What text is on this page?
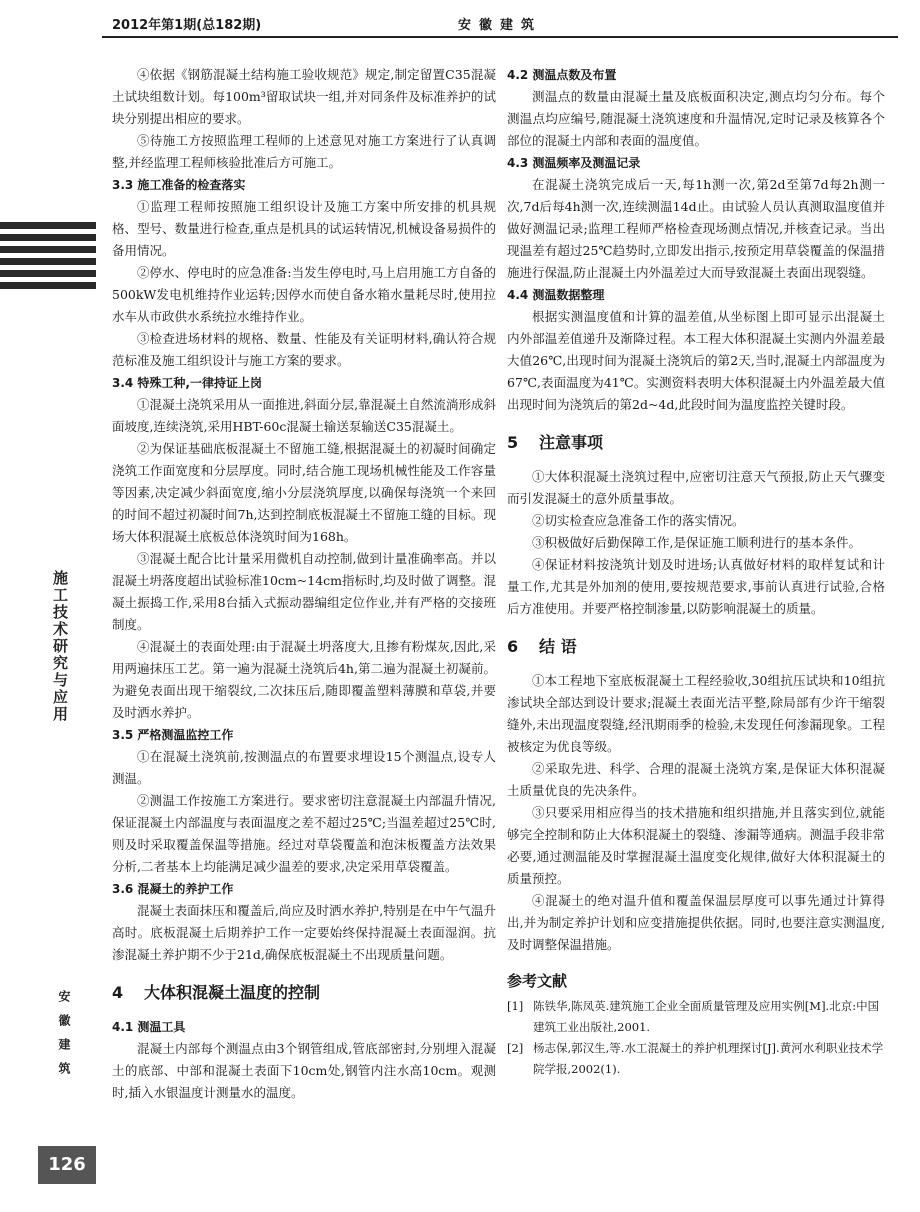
2012年第1期(总182期)	安徽建筑
施工技术研究与应用
安徽建筑
126

④依据《钢筋混凝土结构施工验收规范》规定,制定留置C35混凝土试块组数计划。每100m³留取试块一组,并对同条件及标准养护的试块分别提出相应的要求。

⑤待施工方按照监理工程师的上述意见对施工方案进行了认真调整,并经监理工程师核验批准后方可施工。

3.3 施工准备的检查落实

①监理工程师按照施工组织设计及施工方案中所安排的机具规格、型号、数量进行检查,重点是机具的试运转情况,机械设备易损件的备用情况。

②停水、停电时的应急准备:当发生停电时,马上启用施工方自备的500kW发电机维持作业运转;因停水而使自备水箱水量耗尽时,使用拉水车从市政供水系统拉水维持作业。

③检查进场材料的规格、数量、性能及有关证明材料,确认符合规范标准及施工组织设计与施工方案的要求。

3.4 特殊工种,一律持证上岗

①混凝土浇筑采用从一面推进,斜面分层,靠混凝土自然流淌形成斜面坡度,连续浇筑,采用HBT-60c混凝土输送泵输送C35混凝土。

②为保证基础底板混凝土不留施工缝,根据混凝土的初凝时间确定浇筑工作面宽度和分层厚度。同时,结合施工现场机械性能及工作容量等因素,决定减少斜面宽度,缩小分层浇筑厚度,以确保每浇筑一个来回的时间不超过初凝时间7h,达到控制底板混凝土不留施工缝的目标。现场大体积混凝土底板总体浇筑时间为168h。

③混凝土配合比计量采用微机自动控制,做到计量准确率高。并以混凝土坍落度超出试验标准10cm~14cm指标时,均及时做了调整。混凝土振捣工作,采用8台插入式振动器编组定位作业,并有严格的交接班制度。

④混凝土的表面处理:由于混凝土坍落度大,且掺有粉煤灰,因此,采用两遍抹压工艺。第一遍为混凝土浇筑后4h,第二遍为混凝土初凝前。为避免表面出现干缩裂纹,二次抹压后,随即覆盖塑料薄膜和草袋,并要及时洒水养护。

3.5 严格测温监控工作

①在混凝土浇筑前,按测温点的布置要求埋设15个测温点,设专人测温。

②测温工作按施工方案进行。要求密切注意混凝土内部温升情况,保证混凝土内部温度与表面温度之差不超过25℃;当温差超过25℃时,则及时采取覆盖保温等措施。经过对草袋覆盖和泡沫板覆盖方法效果分析,二者基本上均能满足减少温差的要求,决定采用草袋覆盖。

3.6 混凝土的养护工作

混凝土表面抹压和覆盖后,尚应及时洒水养护,特别是在中午气温升高时。底板混凝土后期养护工作一定要始终保持混凝土表面湿润。抗渗混凝土养护期不少于21d,确保底板混凝土不出现质量问题。

4 大体积混凝土温度的控制

4.1 测温工具

混凝土内部每个测温点由3个钢管组成,管底部密封,分别埋入混凝土的底部、中部和混凝土表面下10cm处,钢管内注水高10cm。观测时,插入水银温度计测量水的温度。

4.2 测温点数及布置

测温点的数量由混凝土量及底板面积决定,测点均匀分布。每个测温点均应编号,随混凝土浇筑速度和升温情况,定时记录及核算各个部位的混凝土内部和表面的温度值。

4.3 测温频率及测温记录

在混凝土浇筑完成后一天,每1h测一次,第2d至第7d每2h测一次,7d后每4h测一次,连续测温14d止。由试验人员认真测取温度值并做好测温记录;监理工程师严格检查现场测点情况,并核查记录。当出现温差有超过25℃趋势时,立即发出指示,按预定用草袋覆盖的保温措施进行保温,防止混凝土内外温差过大而导致混凝土表面出现裂缝。

4.4 测温数据整理

根据实测温度值和计算的温差值,从坐标图上即可显示出混凝土内外部温差值递升及渐降过程。本工程大体积混凝土实测内外温差最大值26℃,出现时间为混凝土浇筑后的第2天,当时,混凝土内部温度为67℃,表面温度为41℃。实测资料表明大体积混凝土内外温差最大值出现时间为浇筑后的第2d~4d,此段时间为温度监控关键时段。

5 注意事项

①大体积混凝土浇筑过程中,应密切注意天气预报,防止天气骤变而引发混凝土的意外质量事故。

②切实检查应急准备工作的落实情况。

③积极做好后勤保障工作,是保证施工顺利进行的基本条件。

④保证材料按浇筑计划及时进场;认真做好材料的取样复试和计量工作,尤其是外加剂的使用,要按规范要求,事前认真进行试验,合格后方准使用。并要严格控制渗量,以防影响混凝土的质量。

6 结 语

①本工程地下室底板混凝土工程经验收,30组抗压试块和10组抗渗试块全部达到设计要求;混凝土表面光洁平整,除局部有少许干缩裂缝外,未出现温度裂缝,经汛期雨季的检验,未发现任何渗漏现象。工程被核定为优良等级。

②采取先进、科学、合理的混凝土浇筑方案,是保证大体积混凝土质量优良的先决条件。

③只要采用相应得当的技术措施和组织措施,并且落实到位,就能够完全控制和防止大体积混凝土的裂缝、渗漏等通病。测温手段非常必要,通过测温能及时掌握混凝土温度变化规律,做好大体积混凝土的质量预控。

④混凝土的绝对温升值和覆盖保温层厚度可以事先通过计算得出,并为制定养护计划和应变措施提供依据。同时,也要注意实测温度,及时调整保温措施。

参考文献

[1] 陈铁华,陈凤英.建筑施工企业全面质量管理及应用实例[M].北京:中国建筑工业出版社,2001.

[2] 杨志保,郭汉生,等.水工混凝土的养护机理探讨[J].黄河水利职业技术学院学报,2002(1).
